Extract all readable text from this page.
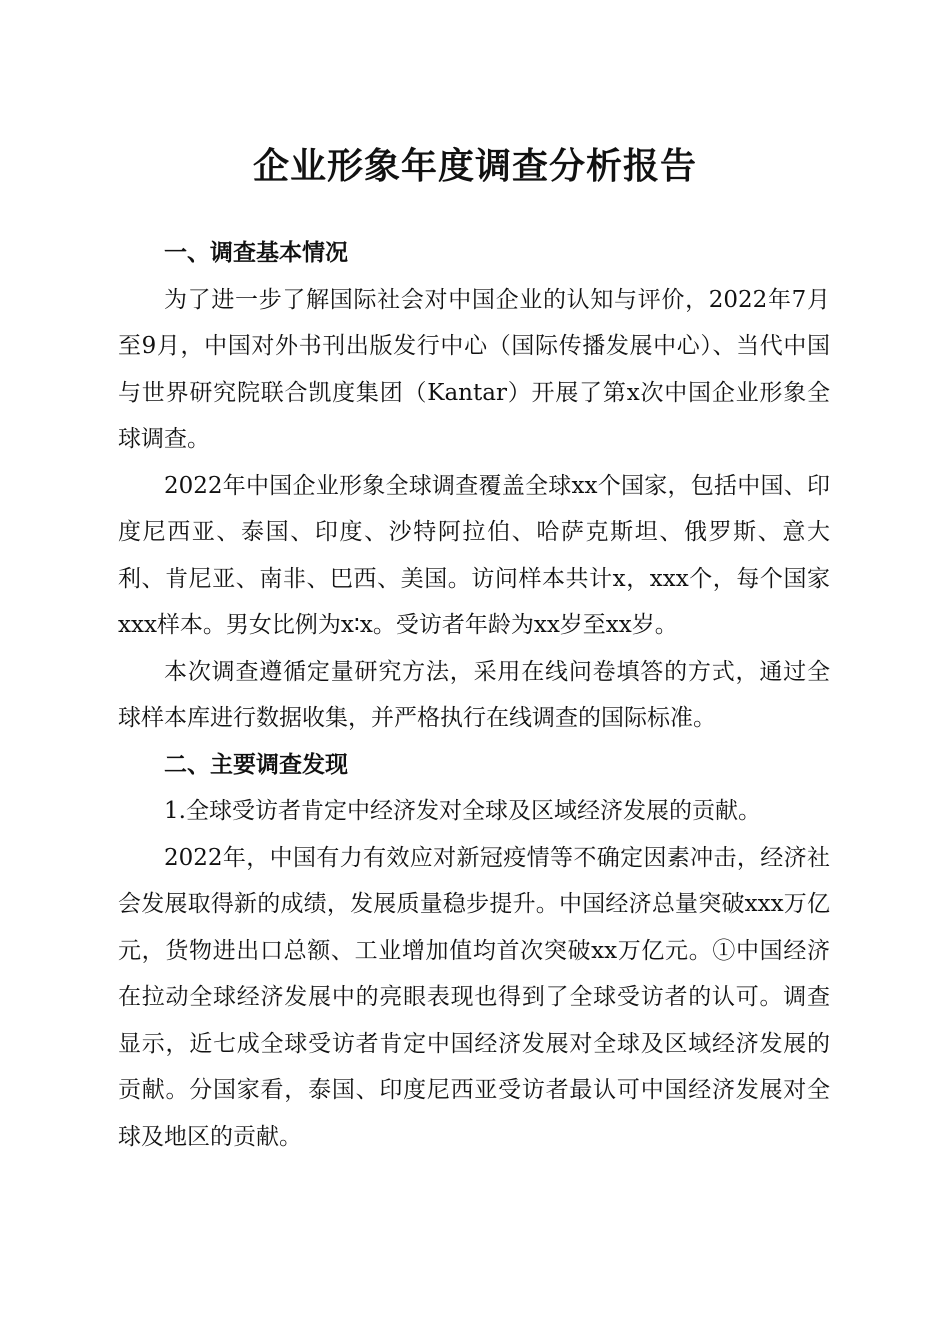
企业形象年度调查分析报告

一、调查基本情况

为了进一步了解国际社会对中国企业的认知与评价，2022年7月至9月，中国对外书刊出版发行中心（国际传播发展中心）、当代中国与世界研究院联合凯度集团（Kantar）开展了第x次中国企业形象全球调查。

2022年中国企业形象全球调查覆盖全球xx个国家，包括中国、印度尼西亚、泰国、印度、沙特阿拉伯、哈萨克斯坦、俄罗斯、意大利、肯尼亚、南非、巴西、美国。访问样本共计x，xxx个，每个国家xxx样本。男女比例为x∶x。受访者年龄为xx岁至xx岁。

本次调查遵循定量研究方法，采用在线问卷填答的方式，通过全球样本库进行数据收集，并严格执行在线调查的国际标准。

二、主要调查发现

1.全球受访者肯定中经济发对全球及区域经济发展的贡献。

2022年，中国有力有效应对新冠疫情等不确定因素冲击，经济社会发展取得新的成绩，发展质量稳步提升。中国经济总量突破xxx万亿元，货物进出口总额、工业增加值均首次突破xx万亿元。①中国经济在拉动全球经济发展中的亮眼表现也得到了全球受访者的认可。调查显示，近七成全球受访者肯定中国经济发展对全球及区域经济发展的贡献。分国家看，泰国、印度尼西亚受访者最认可中国经济发展对全球及地区的贡献。
